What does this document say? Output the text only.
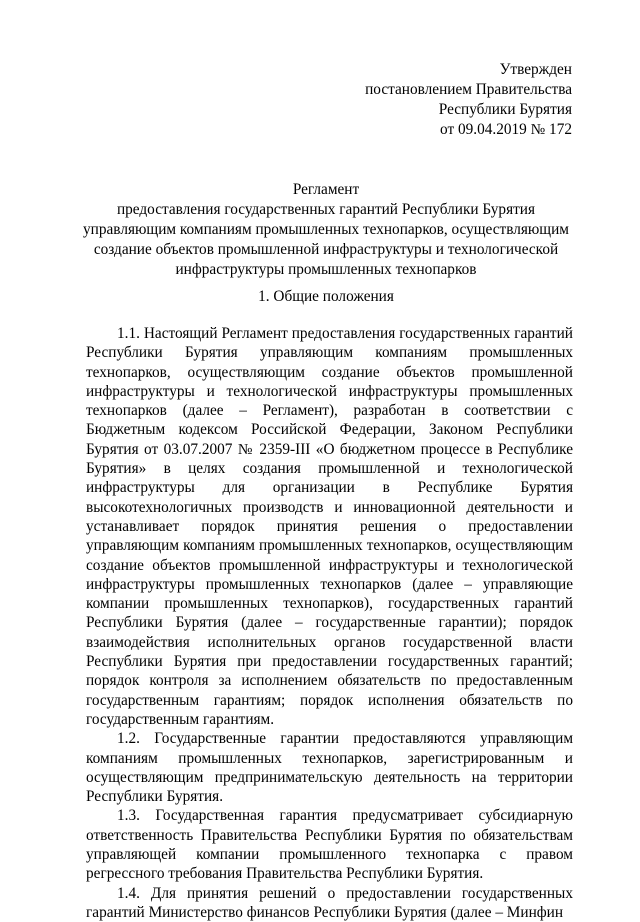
Утвержден
постановлением Правительства
Республики Бурятия
от 09.04.2019 № 172
Регламент
предоставления государственных гарантий Республики Бурятия
управляющим компаниям промышленных технопарков, осуществляющим
создание объектов промышленной инфраструктуры и технологической
инфраструктуры промышленных технопарков
1. Общие положения

1.1. Настоящий Регламент предоставления государственных гарантий Республики Бурятия управляющим компаниям промышленных технопарков, осуществляющим создание объектов промышленной инфраструктуры и технологической инфраструктуры промышленных технопарков (далее – Регламент), разработан в соответствии с Бюджетным кодексом Российской Федерации, Законом Республики Бурятия от 03.07.2007 № 2359-III «О бюджетном процессе в Республике Бурятия» в целях создания промышленной и технологической инфраструктуры для организации в Республике Бурятия высокотехнологичных производств и инновационной деятельности и устанавливает порядок принятия решения о предоставлении управляющим компаниям промышленных технопарков, осуществляющим создание объектов промышленной инфраструктуры и технологической инфраструктуры промышленных технопарков (далее – управляющие компании промышленных технопарков), государственных гарантий Республики Бурятия (далее – государственные гарантии); порядок взаимодействия исполнительных органов государственной власти Республики Бурятия при предоставлении государственных гарантий; порядок контроля за исполнением обязательств по предоставленным государственным гарантиям; порядок исполнения обязательств по государственным гарантиям.

1.2. Государственные гарантии предоставляются управляющим компаниям промышленных технопарков, зарегистрированным и осуществляющим предпринимательскую деятельность на территории Республики Бурятия.

1.3. Государственная гарантия предусматривает субсидиарную ответственность Правительства Республики Бурятия по обязательствам управляющей компании промышленного технопарка с правом регрессного требования Правительства Республики Бурятия.

1.4. Для принятия решений о предоставлении государственных гарантий Министерство финансов Республики Бурятия (далее – Минфин
